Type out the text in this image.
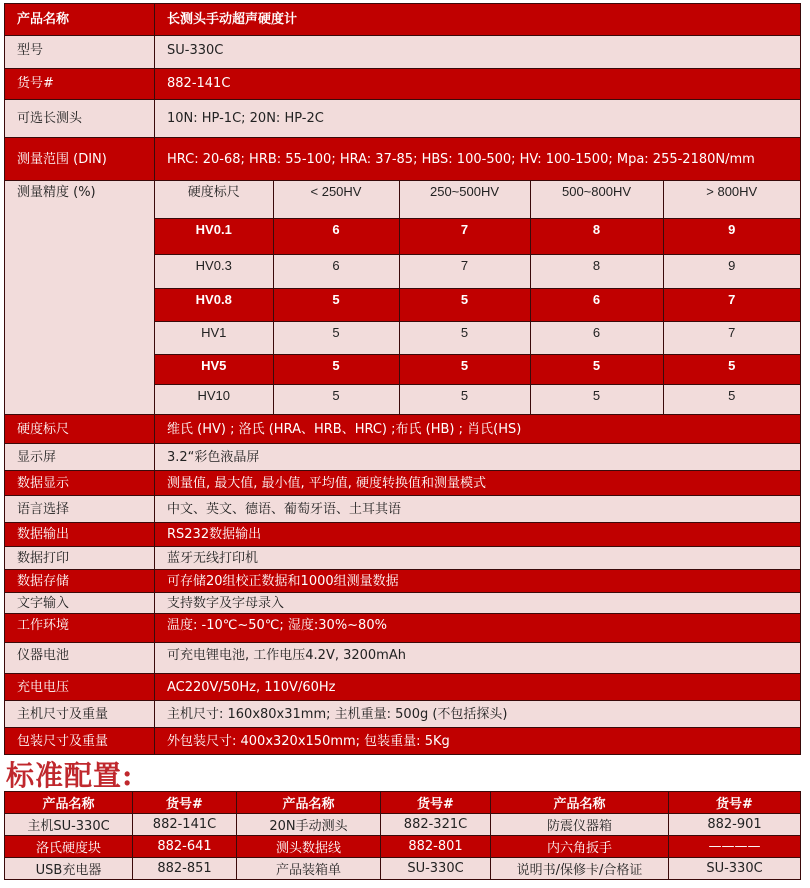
产品名称	长测头手动超声硬度计
型号	SU-330C
货号#	882-141C
可选长测头	10N: HP-1C; 20N: HP-2C
测量范围 (DIN)	HRC: 20-68; HRB: 55-100; HRA: 37-85; HBS: 100-500; HV: 100-1500; Mpa: 255-2180N/mm
测量精度 (%)		硬度标尺	< 250HV	250~500HV	500~800HV	> 800HV
HV0.1	6	7	8	9
HV0.3	6	7	8	9
HV0.8	5	5	6	7
HV1	5	5	6	7
HV5	5	5	5	5
HV10	5	5	5	5

硬度标尺	维氏 (HV) ; 洛氏 (HRA、HRB、HRC) ;布氏 (HB) ; 肖氏(HS)
显示屏	3.2“彩色液晶屏
数据显示	测量值, 最大值, 最小值, 平均值, 硬度转换值和测量模式
语言选择	中文、英文、德语、葡萄牙语、土耳其语
数据输出	RS232数据输出
数据打印	蓝牙无线打印机
数据存储	可存储20组校正数据和1000组测量数据
文字输入	支持数字及字母录入
工作环境	温度: -10℃~50℃; 湿度:30%~80%
仪器电池	可充电锂电池, 工作电压4.2V, 3200mAh
充电电压	AC220V/50Hz, 110V/60Hz
主机尺寸及重量	主机尺寸: 160x80x31mm; 主机重量: 500g (不包括探头)
包装尺寸及重量	外包装尺寸: 400x320x150mm; 包装重量: 5Kg
标准配置:
产品名称	货号#	产品名称	货号#	产品名称	货号#
主机SU-330C	882-141C	20N手动测头	882-321C	防震仪器箱	882-901
洛氏硬度块	882-641	测头数据线	882-801	内六角扳手	————
USB充电器	882-851	产品装箱单	SU-330C	说明书/保修卡/合格证	SU-330C
